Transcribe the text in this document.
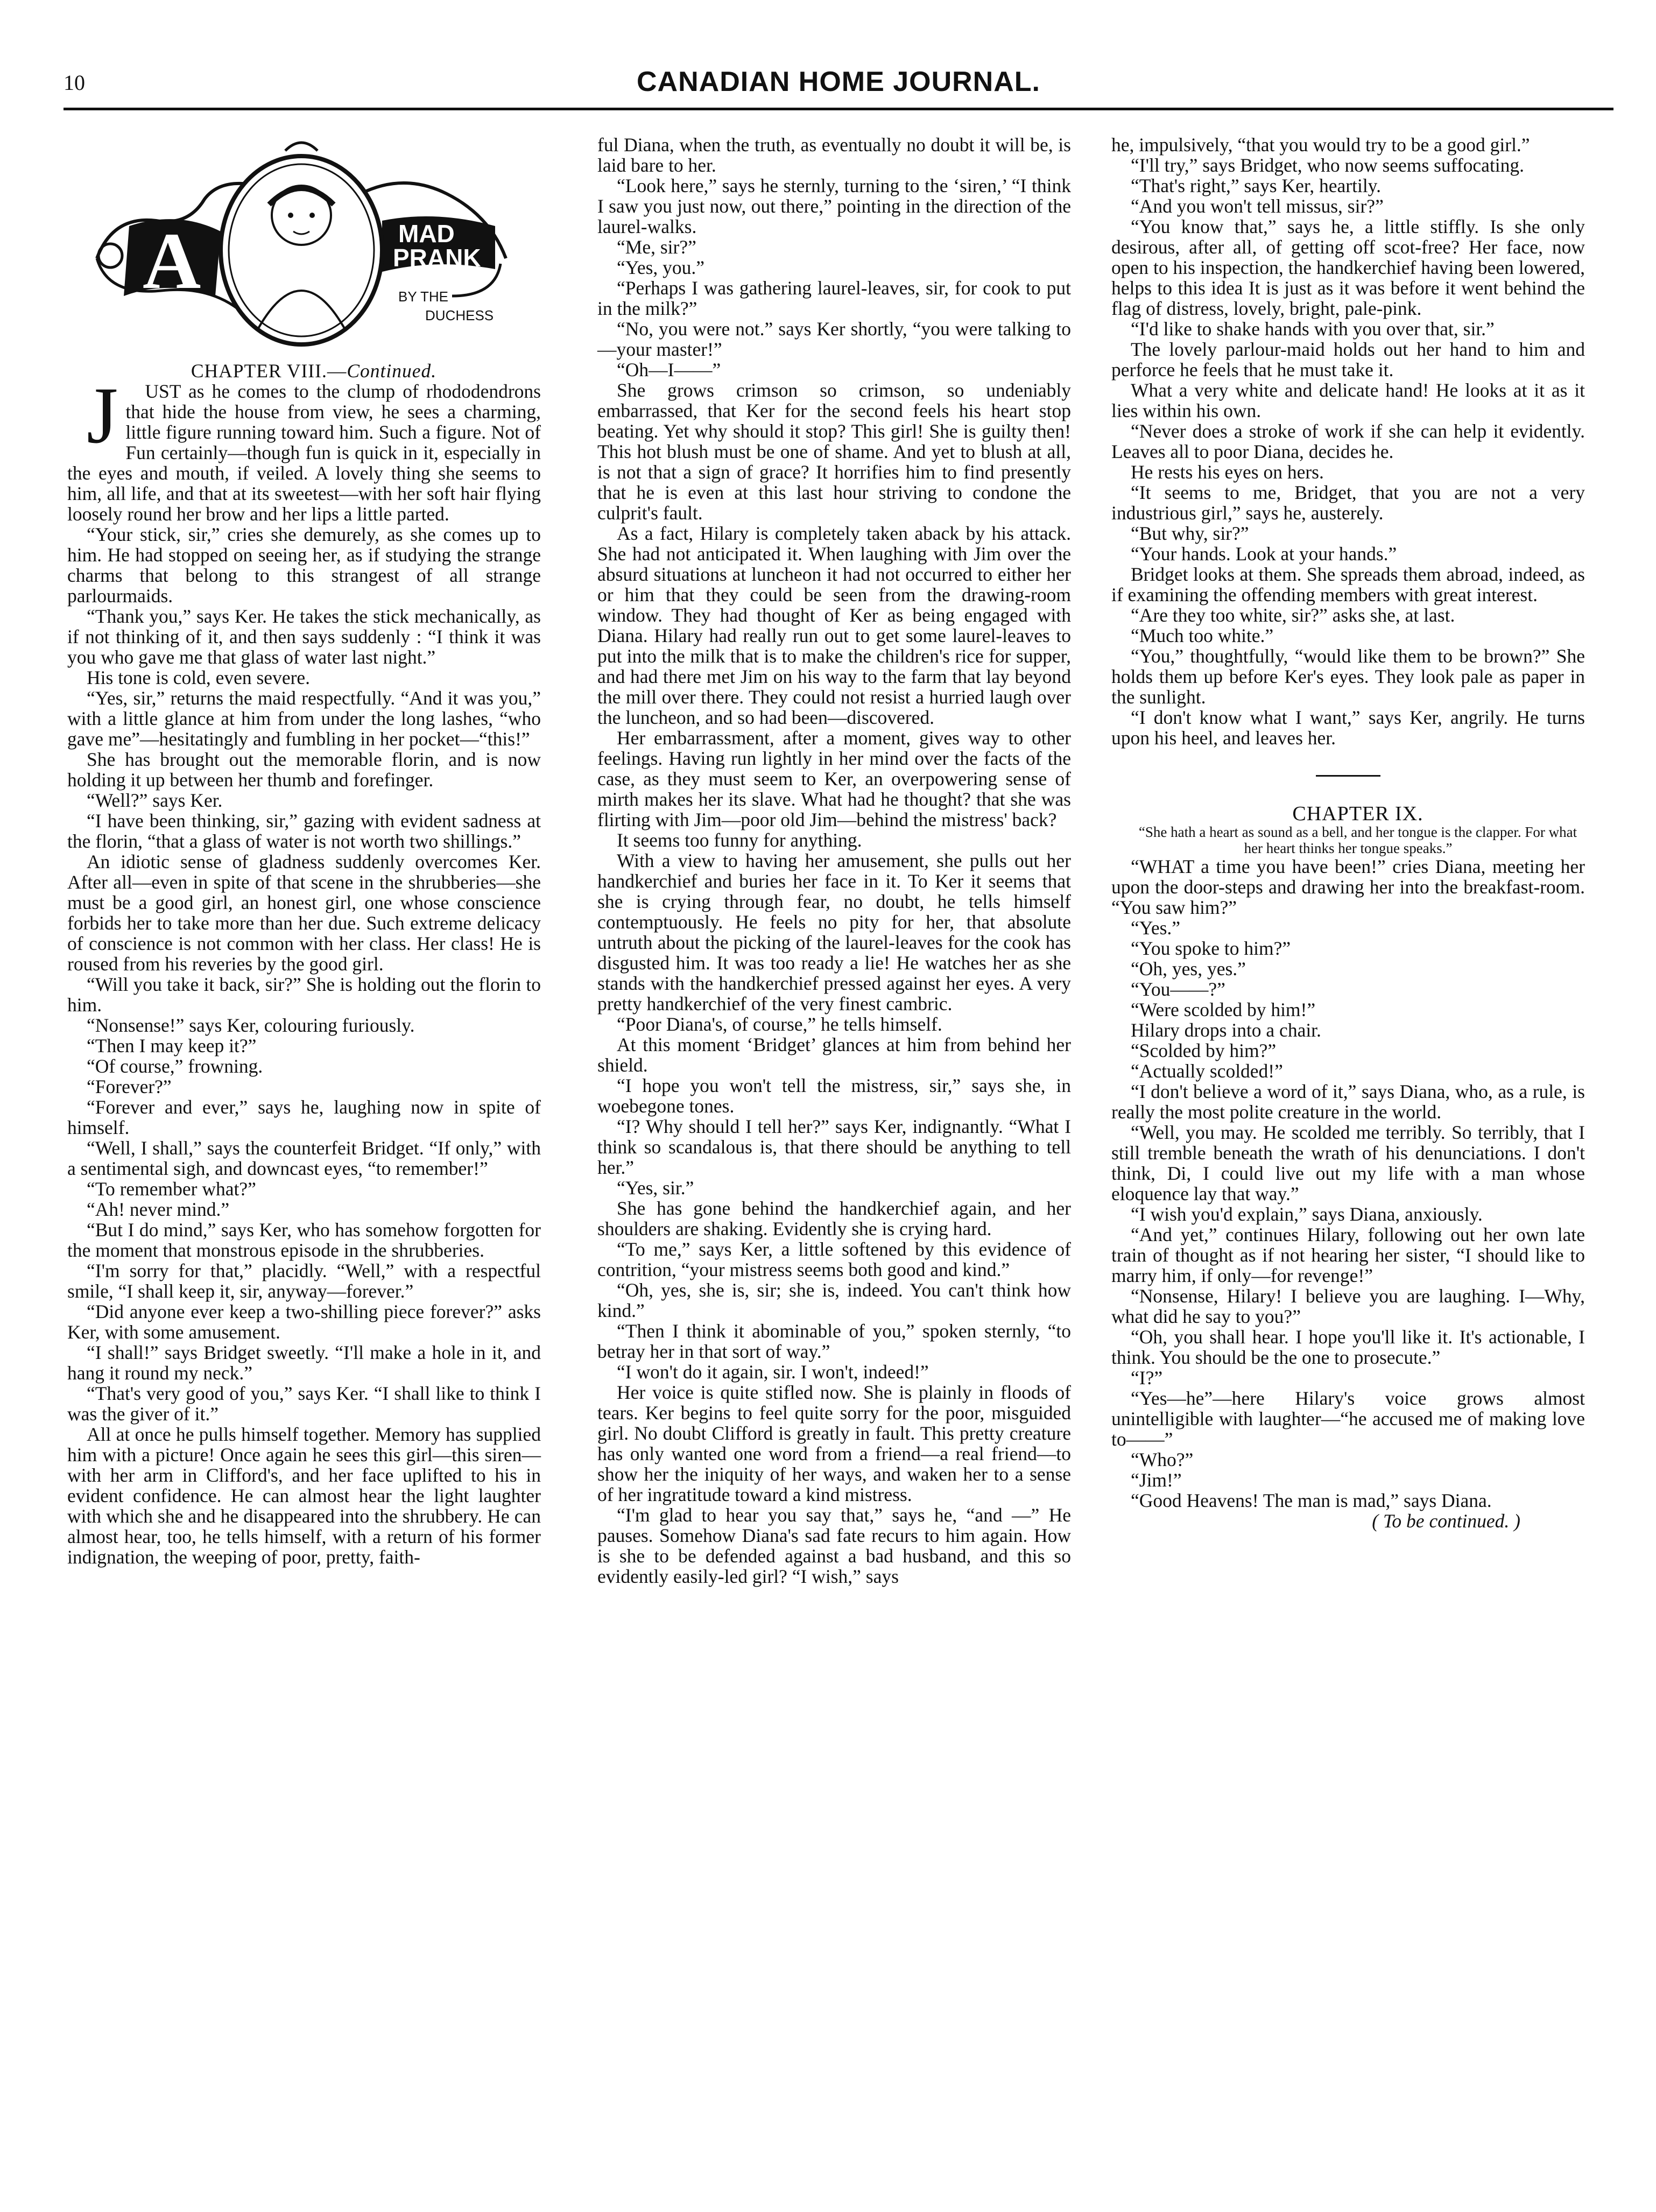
10	CANADIAN HOME JOURNAL.
A	MAD
PRANK
BY THE
DUCHESS

CHAPTER VIII.—Continued.

J UST as he comes to the clump of rhododendrons that hide the house from view, he sees a charming, little figure running toward him. Such a figure. Not of Fun certainly—though fun is quick in it, especially in the eyes and mouth, if veiled. A lovely thing she seems to him, all life, and that at its sweetest—with her soft hair flying loosely round her brow and her lips a little parted.

“Your stick, sir,” cries she demurely, as she comes up to him. He had stopped on seeing her, as if studying the strange charms that belong to this strangest of all strange parlourmaids.

“Thank you,” says Ker. He takes the stick mechanically, as if not thinking of it, and then says suddenly : “I think it was you who gave me that glass of water last night.”

His tone is cold, even severe.

“Yes, sir,” returns the maid respectfully. “And it was you,” with a little glance at him from under the long lashes, “who gave me”—hesitatingly and fumbling in her pocket—“this!”

She has brought out the memorable florin, and is now holding it up between her thumb and forefinger.

“Well?” says Ker.

“I have been thinking, sir,” gazing with evident sadness at the florin, “that a glass of water is not worth two shillings.”

An idiotic sense of gladness suddenly overcomes Ker. After all—even in spite of that scene in the shrubberies—she must be a good girl, an honest girl, one whose conscience forbids her to take more than her due. Such extreme delicacy of conscience is not common with her class. Her class! He is roused from his reveries by the good girl.

“Will you take it back, sir?” She is holding out the florin to him.

“Nonsense!” says Ker, colouring furiously.

“Then I may keep it?”

“Of course,” frowning.

“Forever?”

“Forever and ever,” says he, laughing now in spite of himself.

“Well, I shall,” says the counterfeit Bridget. “If only,” with a sentimental sigh, and downcast eyes, “to remember!”

“To remember what?”

“Ah! never mind.”

“But I do mind,” says Ker, who has somehow forgotten for the moment that monstrous episode in the shrubberies.

“I'm sorry for that,” placidly. “Well,” with a respectful smile, “I shall keep it, sir, anyway—forever.”

“Did anyone ever keep a two-shilling piece forever?” asks Ker, with some amusement.

“I shall!” says Bridget sweetly. “I'll make a hole in it, and hang it round my neck.”

“That's very good of you,” says Ker. “I shall like to think I was the giver of it.”

All at once he pulls himself together. Memory has supplied him with a picture! Once again he sees this girl—this siren—with her arm in Clifford's, and her face uplifted to his in evident confidence. He can almost hear the light laughter with which she and he disappeared into the shrubbery. He can almost hear, too, he tells himself, with a return of his former indignation, the weeping of poor, pretty, faith-

ful Diana, when the truth, as eventually no doubt it will be, is laid bare to her.

“Look here,” says he sternly, turning to the ‘siren,’ “I think I saw you just now, out there,” pointing in the direction of the laurel-walks.

“Me, sir?”

“Yes, you.”

“Perhaps I was gathering laurel-leaves, sir, for cook to put in the milk?”

“No, you were not.” says Ker shortly, “you were talking to—your master!”

“Oh—I——”

She grows crimson so crimson, so undeniably embarrassed, that Ker for the second feels his heart stop beating. Yet why should it stop? This girl! She is guilty then! This hot blush must be one of shame. And yet to blush at all, is not that a sign of grace? It horrifies him to find presently that he is even at this last hour striving to condone the culprit's fault.

As a fact, Hilary is completely taken aback by his attack. She had not anticipated it. When laughing with Jim over the absurd situations at luncheon it had not occurred to either her or him that they could be seen from the drawing-room window. They had thought of Ker as being engaged with Diana. Hilary had really run out to get some laurel-leaves to put into the milk that is to make the children's rice for supper, and had there met Jim on his way to the farm that lay beyond the mill over there. They could not resist a hurried laugh over the luncheon, and so had been—discovered.

Her embarrassment, after a moment, gives way to other feelings. Having run lightly in her mind over the facts of the case, as they must seem to Ker, an overpowering sense of mirth makes her its slave. What had he thought? that she was flirting with Jim—poor old Jim—behind the mistress' back?

It seems too funny for anything.

With a view to having her amusement, she pulls out her handkerchief and buries her face in it. To Ker it seems that she is crying through fear, no doubt, he tells himself contemptuously. He feels no pity for her, that absolute untruth about the picking of the laurel-leaves for the cook has disgusted him. It was too ready a lie! He watches her as she stands with the handkerchief pressed against her eyes. A very pretty handkerchief of the very finest cambric.

“Poor Diana's, of course,” he tells himself.

At this moment ‘Bridget’ glances at him from behind her shield.

“I hope you won't tell the mistress, sir,” says she, in woebegone tones.

“I? Why should I tell her?” says Ker, indignantly. “What I think so scandalous is, that there should be anything to tell her.”

“Yes, sir.”

She has gone behind the handkerchief again, and her shoulders are shaking. Evidently she is crying hard.

“To me,” says Ker, a little softened by this evidence of contrition, “your mistress seems both good and kind.”

“Oh, yes, she is, sir; she is, indeed. You can't think how kind.”

“Then I think it abominable of you,” spoken sternly, “to betray her in that sort of way.”

“I won't do it again, sir. I won't, indeed!”

Her voice is quite stifled now. She is plainly in floods of tears. Ker begins to feel quite sorry for the poor, misguided girl. No doubt Clifford is greatly in fault. This pretty creature has only wanted one word from a friend—a real friend—to show her the iniquity of her ways, and waken her to a sense of her ingratitude toward a kind mistress.

“I'm glad to hear you say that,” says he, “and —” He pauses. Somehow Diana's sad fate recurs to him again. How is she to be defended against a bad husband, and this so evidently easily-led girl? “I wish,” says

he, impulsively, “that you would try to be a good girl.”

“I'll try,” says Bridget, who now seems suffocating.

“That's right,” says Ker, heartily.

“And you won't tell missus, sir?”

“You know that,” says he, a little stiffly. Is she only desirous, after all, of getting off scot-free? Her face, now open to his inspection, the handkerchief having been lowered, helps to this idea It is just as it was before it went behind the flag of distress, lovely, bright, pale-pink.

“I'd like to shake hands with you over that, sir.”

The lovely parlour-maid holds out her hand to him and perforce he feels that he must take it.

What a very white and delicate hand! He looks at it as it lies within his own.

“Never does a stroke of work if she can help it evidently. Leaves all to poor Diana, decides he.

He rests his eyes on hers.

“It seems to me, Bridget, that you are not a very industrious girl,” says he, austerely.

“But why, sir?”

“Your hands. Look at your hands.”

Bridget looks at them. She spreads them abroad, indeed, as if examining the offending members with great interest.

“Are they too white, sir?” asks she, at last.

“Much too white.”

“You,” thoughtfully, “would like them to be brown?” She holds them up before Ker's eyes. They look pale as paper in the sunlight.

“I don't know what I want,” says Ker, angrily. He turns upon his heel, and leaves her.

CHAPTER IX.

“She hath a heart as sound as a bell, and her tongue is the clapper. For what her heart thinks her tongue speaks.”

“WHAT a time you have been!” cries Diana, meeting her upon the door-steps and drawing her into the breakfast-room. “You saw him?”

“Yes.”

“You spoke to him?”

“Oh, yes, yes.”

“You——?”

“Were scolded by him!”

Hilary drops into a chair.

“Scolded by him?”

“Actually scolded!”

“I don't believe a word of it,” says Diana, who, as a rule, is really the most polite creature in the world.

“Well, you may. He scolded me terribly. So terribly, that I still tremble beneath the wrath of his denunciations. I don't think, Di, I could live out my life with a man whose eloquence lay that way.”

“I wish you'd explain,” says Diana, anxiously.

“And yet,” continues Hilary, following out her own late train of thought as if not hearing her sister, “I should like to marry him, if only—for revenge!”

“Nonsense, Hilary! I believe you are laughing. I—Why, what did he say to you?”

“Oh, you shall hear. I hope you'll like it. It's actionable, I think. You should be the one to prosecute.”

“I?”

“Yes—he”—here Hilary's voice grows almost unintelligible with laughter—“he accused me of making love to——”

“Who?”

“Jim!”

“Good Heavens! The man is mad,” says Diana.

( To be continued. )
